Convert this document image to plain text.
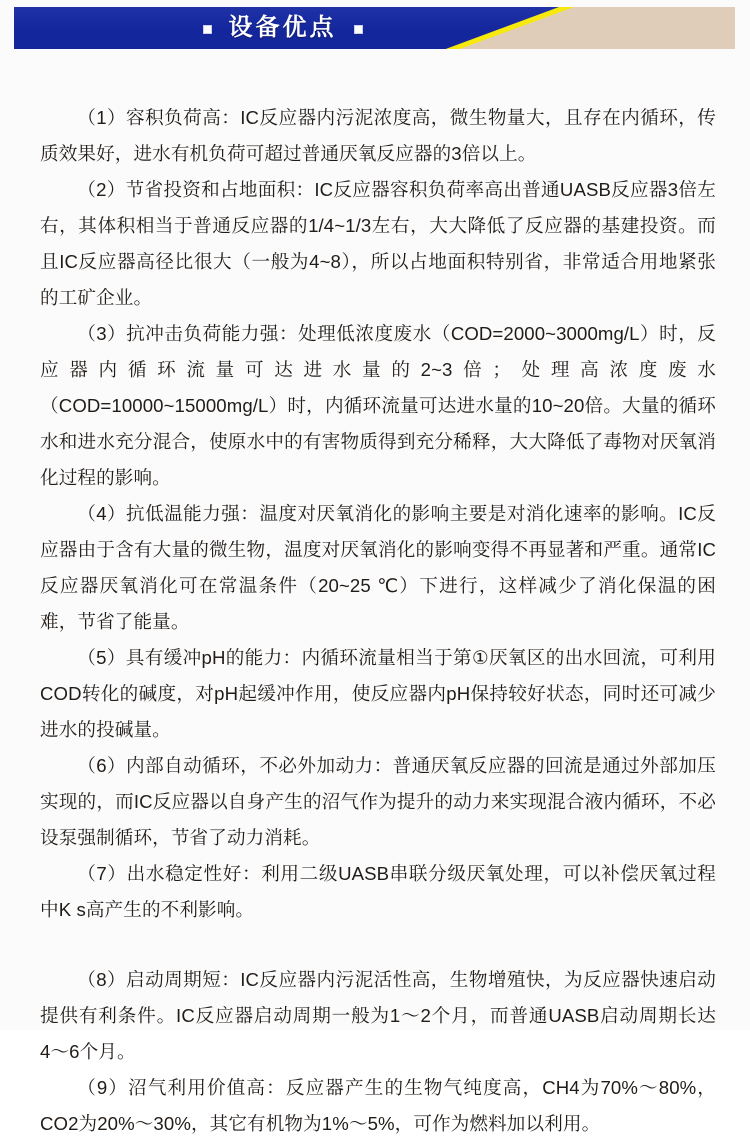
设备优点

（1）容积负荷高：IC反应器内污泥浓度高，微生物量大，且存在内循环，传质效果好，进水有机负荷可超过普通厌氧反应器的3倍以上。

（2）节省投资和占地面积：IC反应器容积负荷率高出普通UASB反应器3倍左右，其体积相当于普通反应器的1/4~1/3左右，大大降低了反应器的基建投资。而且IC反应器高径比很大（一般为4~8），所以占地面积特别省，非常适合用地紧张的工矿企业。

（3）抗冲击负荷能力强：处理低浓度废水（COD=2000~3000mg/L）时，反应器内循环流量可达进水量的2~3倍；处理高浓度废水（COD=10000~15000mg/L）时，内循环流量可达进水量的10~20倍。大量的循环水和进水充分混合，使原水中的有害物质得到充分稀释，大大降低了毒物对厌氧消化过程的影响。

（4）抗低温能力强：温度对厌氧消化的影响主要是对消化速率的影响。IC反应器由于含有大量的微生物，温度对厌氧消化的影响变得不再显著和严重。通常IC反应器厌氧消化可在常温条件（20~25 ℃）下进行，这样减少了消化保温的困难，节省了能量。

（5）具有缓冲pH的能力：内循环流量相当于第①厌氧区的出水回流，可利用COD转化的碱度，对pH起缓冲作用，使反应器内pH保持较好状态，同时还可减少进水的投碱量。

（6）内部自动循环，不必外加动力：普通厌氧反应器的回流是通过外部加压实现的，而IC反应器以自身产生的沼气作为提升的动力来实现混合液内循环，不必设泵强制循环，节省了动力消耗。

（7）出水稳定性好：利用二级UASB串联分级厌氧处理，可以补偿厌氧过程中K s高产生的不利影响。

（8）启动周期短：IC反应器内污泥活性高，生物增殖快，为反应器快速启动提供有利条件。IC反应器启动周期一般为1〜2个月，而普通UASB启动周期长达4〜6个月。

（9）沼气利用价值高：反应器产生的生物气纯度高，CH4为70%〜80%，CO2为20%〜30%，其它有机物为1%〜5%，可作为燃料加以利用。
